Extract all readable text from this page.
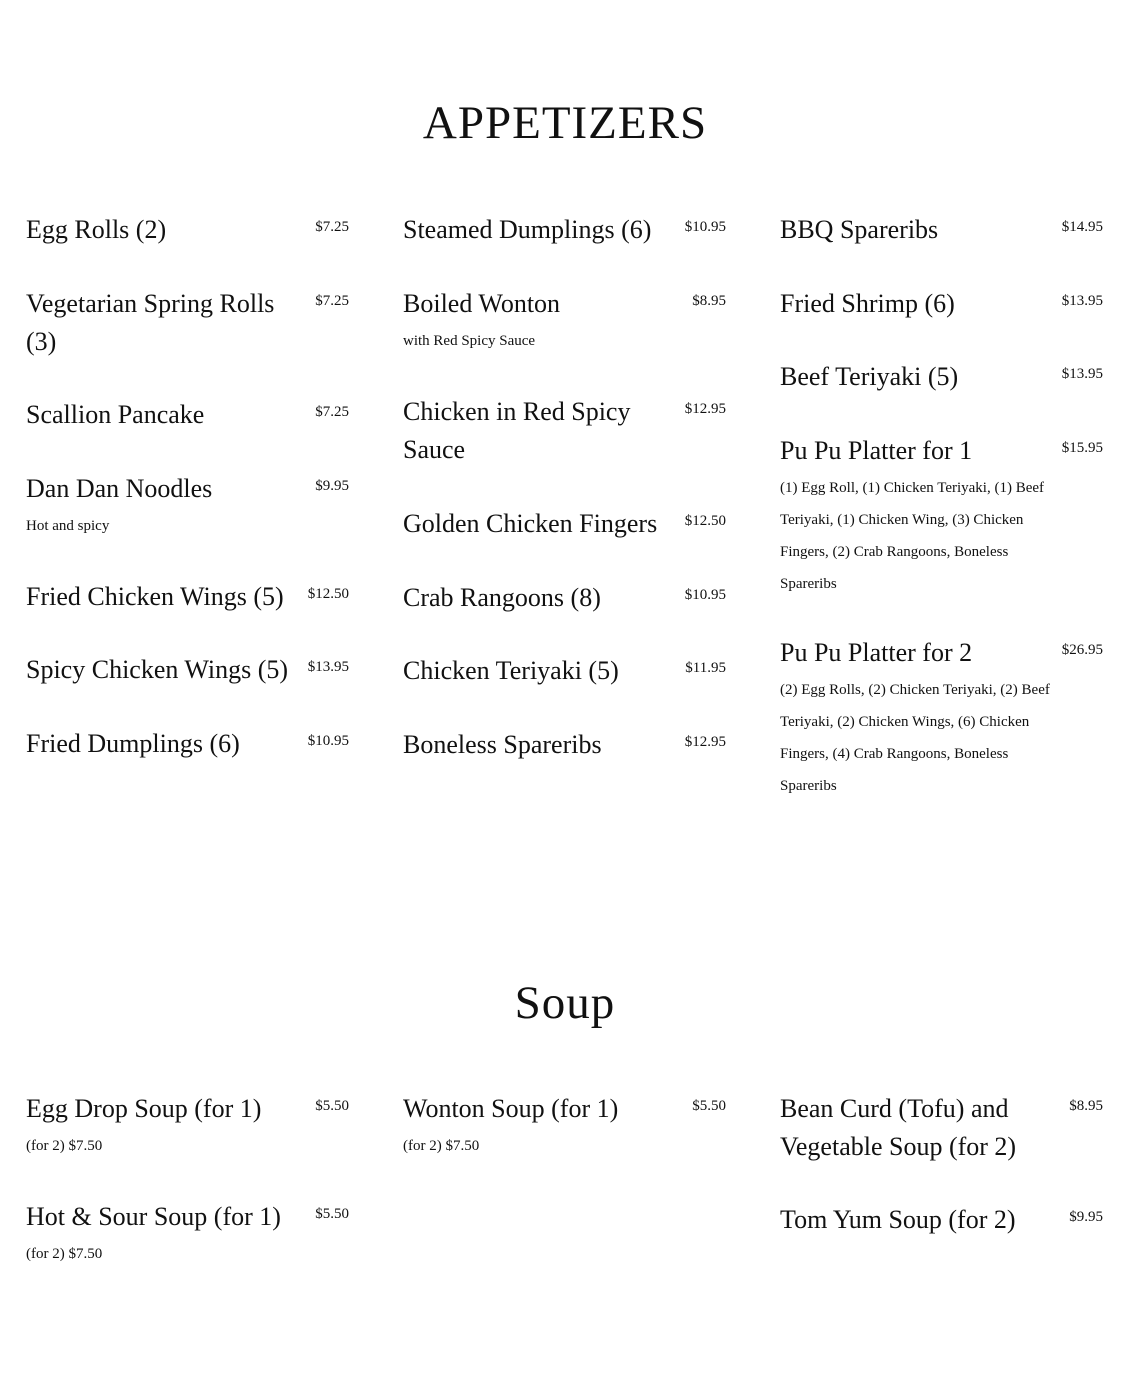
APPETIZERS
Egg Rolls (2)	$7.25
Vegetarian Spring Rolls (3)
$7.25
Scallion Pancake	$7.25
Dan Dan Noodles	$9.95
Hot and spicy
Fried Chicken Wings (5)	$12.50
Spicy Chicken Wings (5)	$13.95
Fried Dumplings (6)	$10.95
Steamed Dumplings (6)	$10.95
Boiled Wonton	$8.95
with Red Spicy Sauce
Chicken in Red Spicy Sauce
$12.95
Golden Chicken Fingers	$12.50
Crab Rangoons (8)	$10.95
Chicken Teriyaki (5)	$11.95
Boneless Spareribs	$12.95
BBQ Spareribs	$14.95
Fried Shrimp (6)	$13.95
Beef Teriyaki (5)	$13.95
Pu Pu Platter for 1	$15.95
(1) Egg Roll, (1) Chicken Teriyaki, (1) Beef Teriyaki, (1) Chicken Wing, (3) Chicken Fingers, (2) Crab Rangoons, Boneless Spareribs
Pu Pu Platter for 2	$26.95
(2) Egg Rolls, (2) Chicken Teriyaki, (2) Beef Teriyaki, (2) Chicken Wings, (6) Chicken Fingers, (4) Crab Rangoons, Boneless Spareribs
Soup
Egg Drop Soup (for 1)	$5.50
(for 2) $7.50
Hot & Sour Soup (for 1)	$5.50
(for 2) $7.50
Wonton Soup (for 1)	$5.50
(for 2) $7.50
Bean Curd (Tofu) and Vegetable Soup (for 2)
$8.95
Tom Yum Soup (for 2)	$9.95
